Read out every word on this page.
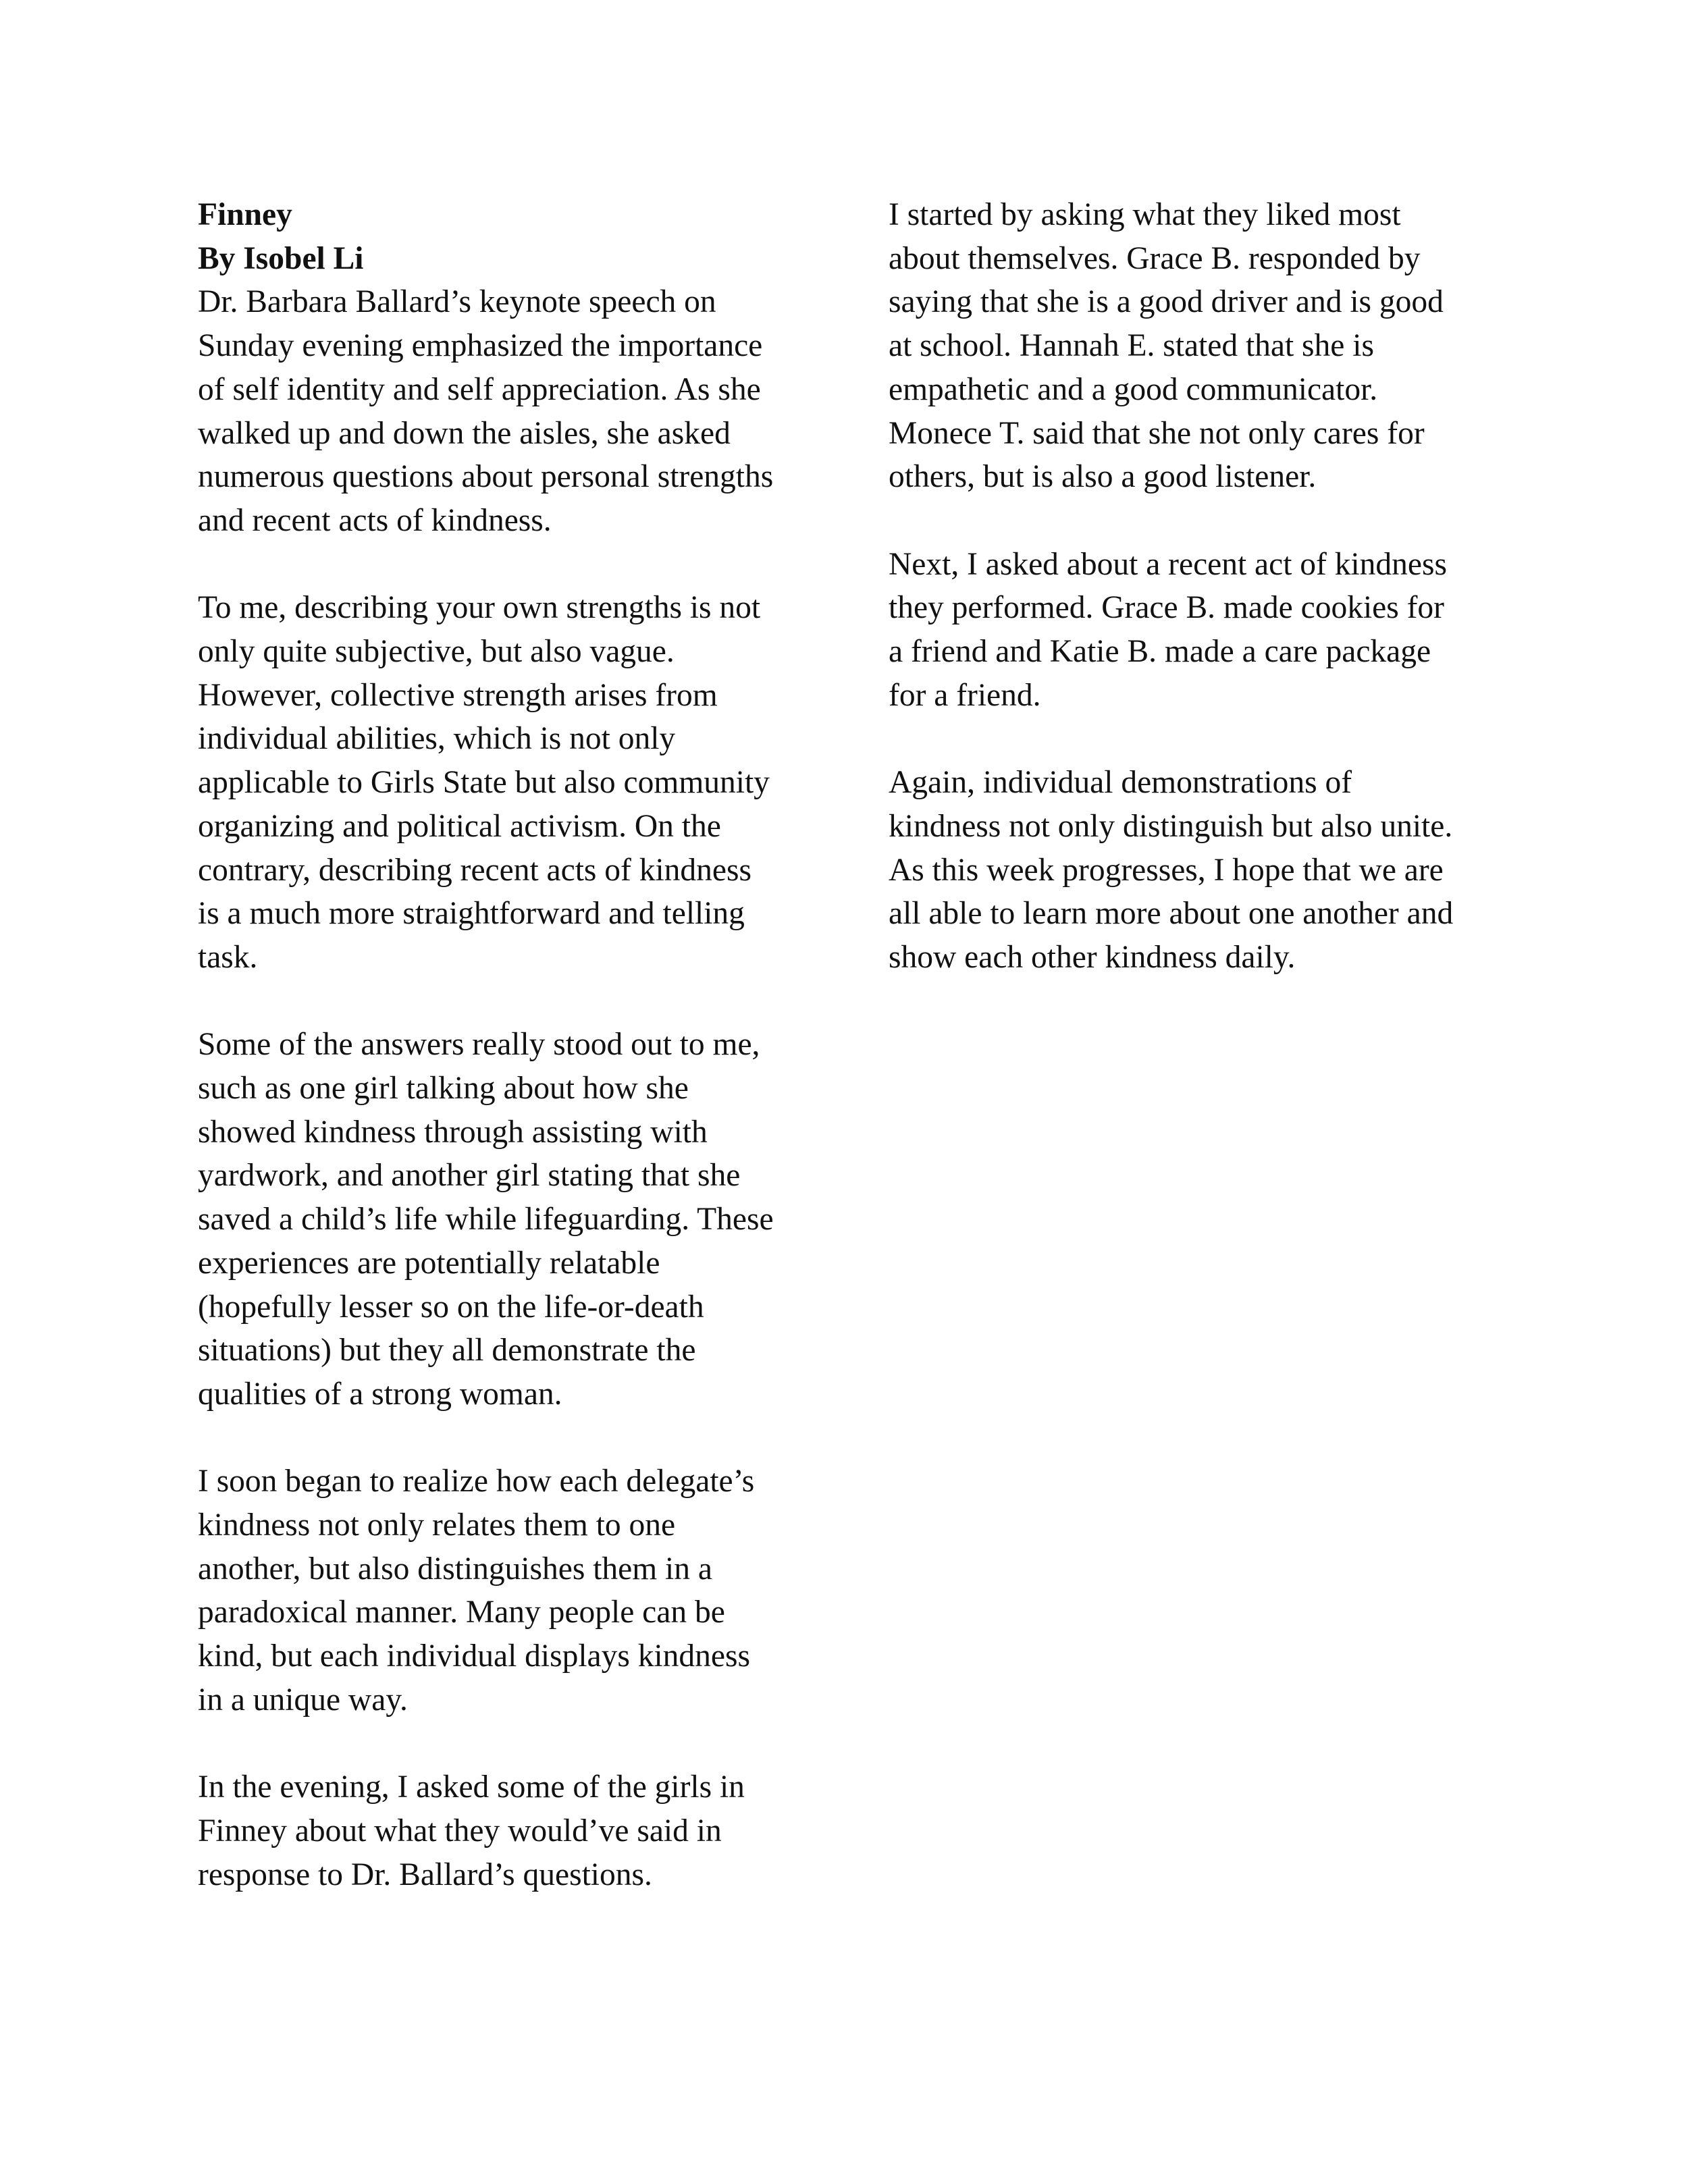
Finney
By Isobel Li
Dr. Barbara Ballard’s keynote speech on
Sunday evening emphasized the importance
of self identity and self appreciation. As she
walked up and down the aisles, she asked
numerous questions about personal strengths
and recent acts of kindness.
To me, describing your own strengths is not
only quite subjective, but also vague.
However, collective strength arises from
individual abilities, which is not only
applicable to Girls State but also community
organizing and political activism. On the
contrary, describing recent acts of kindness
is a much more straightforward and telling
task.
Some of the answers really stood out to me,
such as one girl talking about how she
showed kindness through assisting with
yardwork, and another girl stating that she
saved a child’s life while lifeguarding. These
experiences are potentially relatable
(hopefully lesser so on the life-or-death
situations) but they all demonstrate the
qualities of a strong woman.
I soon began to realize how each delegate’s
kindness not only relates them to one
another, but also distinguishes them in a
paradoxical manner. Many people can be
kind, but each individual displays kindness
in a unique way.
In the evening, I asked some of the girls in
Finney about what they would’ve said in
response to Dr. Ballard’s questions.
I started by asking what they liked most
about themselves. Grace B. responded by
saying that she is a good driver and is good
at school. Hannah E. stated that she is
empathetic and a good communicator.
Monece T. said that she not only cares for
others, but is also a good listener.
Next, I asked about a recent act of kindness
they performed. Grace B. made cookies for
a friend and Katie B. made a care package
for a friend.
Again, individual demonstrations of
kindness not only distinguish but also unite.
As this week progresses, I hope that we are
all able to learn more about one another and
show each other kindness daily.
